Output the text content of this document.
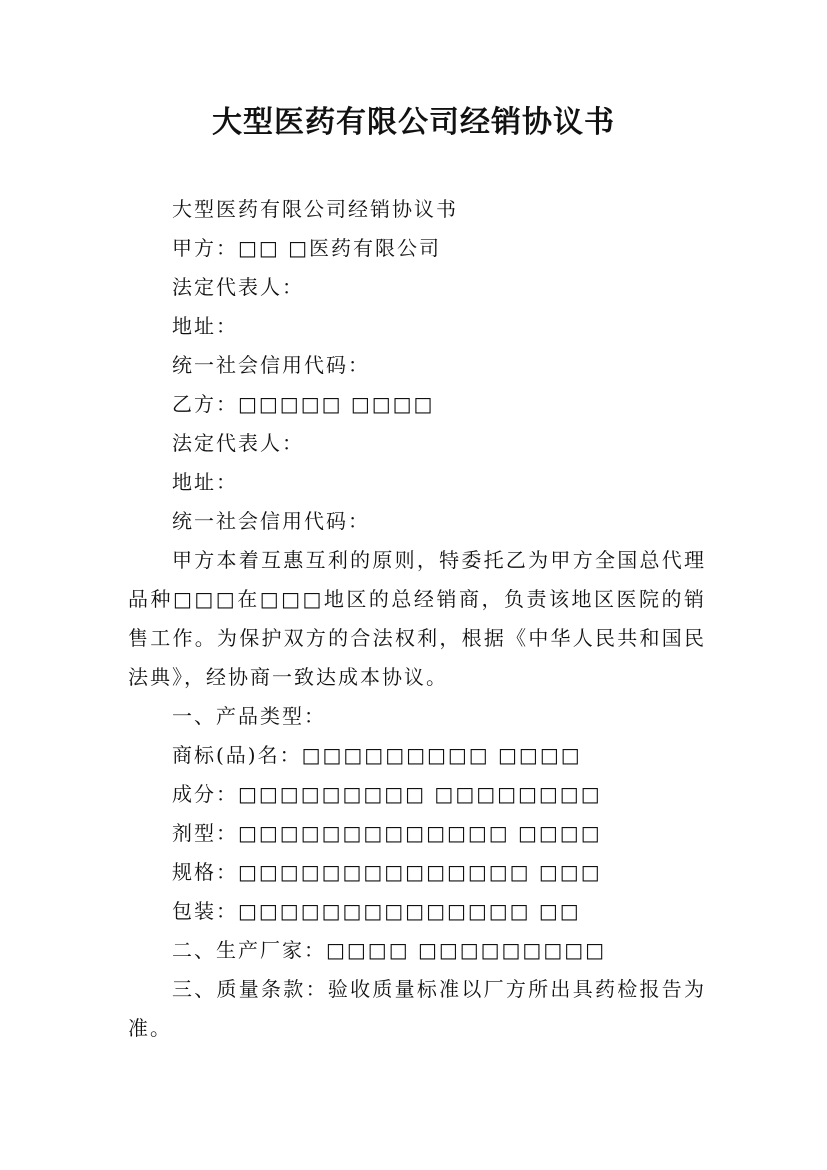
大型医药有限公司经销协议书
大型医药有限公司经销协议书
甲方：□□ □医药有限公司
法定代表人：
地址：
统一社会信用代码：
乙方：□□□□□ □□□□
法定代表人：
地址：
统一社会信用代码：

甲方本着互惠互利的原则，特委托乙为甲方全国总代理品种□□□在□□□地区的总经销商，负责该地区医院的销售工作。为保护双方的合法权利，根据《中华人民共和国民法典》，经协商一致达成本协议。

一、产品类型：
商标(品)名：□□□□□□□□□ □□□□
成分：□□□□□□□□□ □□□□□□□□
剂型：□□□□□□□□□□□□□ □□□□
规格：□□□□□□□□□□□□□□ □□□
包装：□□□□□□□□□□□□□□ □□
二、生产厂家：□□□□ □□□□□□□□□

三、质量条款：验收质量标准以厂方所出具药检报告为准。
